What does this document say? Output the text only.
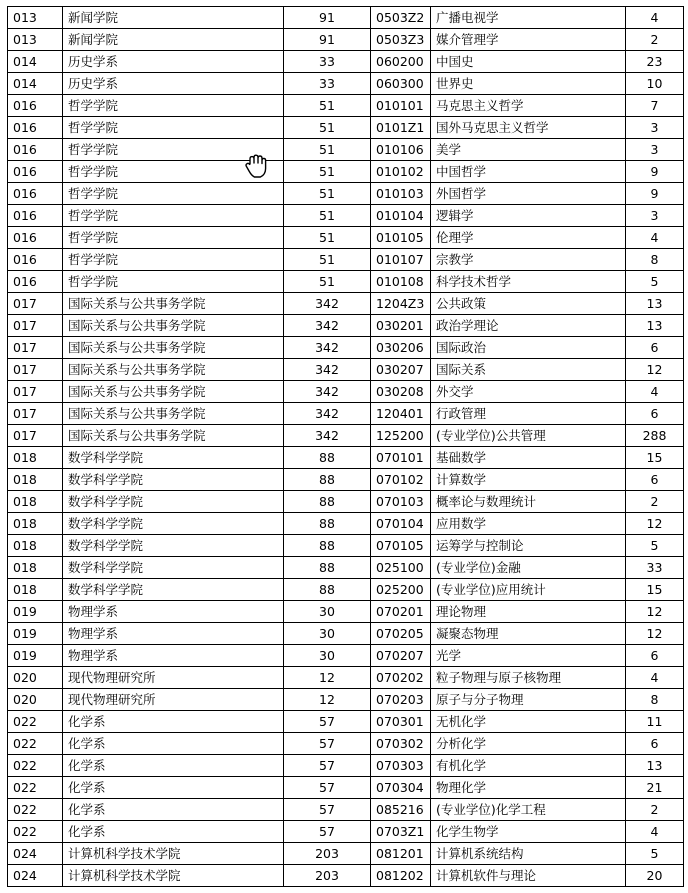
013	新闻学院	91	0503Z2	广播电视学	4
013	新闻学院	91	0503Z3	媒介管理学	2
014	历史学系	33	060200	中国史	23
014	历史学系	33	060300	世界史	10
016	哲学学院	51	010101	马克思主义哲学	7
016	哲学学院	51	0101Z1	国外马克思主义哲学	3
016	哲学学院	51	010106	美学	3
016	哲学学院	51	010102	中国哲学	9
016	哲学学院	51	010103	外国哲学	9
016	哲学学院	51	010104	逻辑学	3
016	哲学学院	51	010105	伦理学	4
016	哲学学院	51	010107	宗教学	8
016	哲学学院	51	010108	科学技术哲学	5
017	国际关系与公共事务学院	342	1204Z3	公共政策	13
017	国际关系与公共事务学院	342	030201	政治学理论	13
017	国际关系与公共事务学院	342	030206	国际政治	6
017	国际关系与公共事务学院	342	030207	国际关系	12
017	国际关系与公共事务学院	342	030208	外交学	4
017	国际关系与公共事务学院	342	120401	行政管理	6
017	国际关系与公共事务学院	342	125200	(专业学位)公共管理	288
018	数学科学学院	88	070101	基础数学	15
018	数学科学学院	88	070102	计算数学	6
018	数学科学学院	88	070103	概率论与数理统计	2
018	数学科学学院	88	070104	应用数学	12
018	数学科学学院	88	070105	运筹学与控制论	5
018	数学科学学院	88	025100	(专业学位)金融	33
018	数学科学学院	88	025200	(专业学位)应用统计	15
019	物理学系	30	070201	理论物理	12
019	物理学系	30	070205	凝聚态物理	12
019	物理学系	30	070207	光学	6
020	现代物理研究所	12	070202	粒子物理与原子核物理	4
020	现代物理研究所	12	070203	原子与分子物理	8
022	化学系	57	070301	无机化学	11
022	化学系	57	070302	分析化学	6
022	化学系	57	070303	有机化学	13
022	化学系	57	070304	物理化学	21
022	化学系	57	085216	(专业学位)化学工程	2
022	化学系	57	0703Z1	化学生物学	4
024	计算机科学技术学院	203	081201	计算机系统结构	5
024	计算机科学技术学院	203	081202	计算机软件与理论	20
